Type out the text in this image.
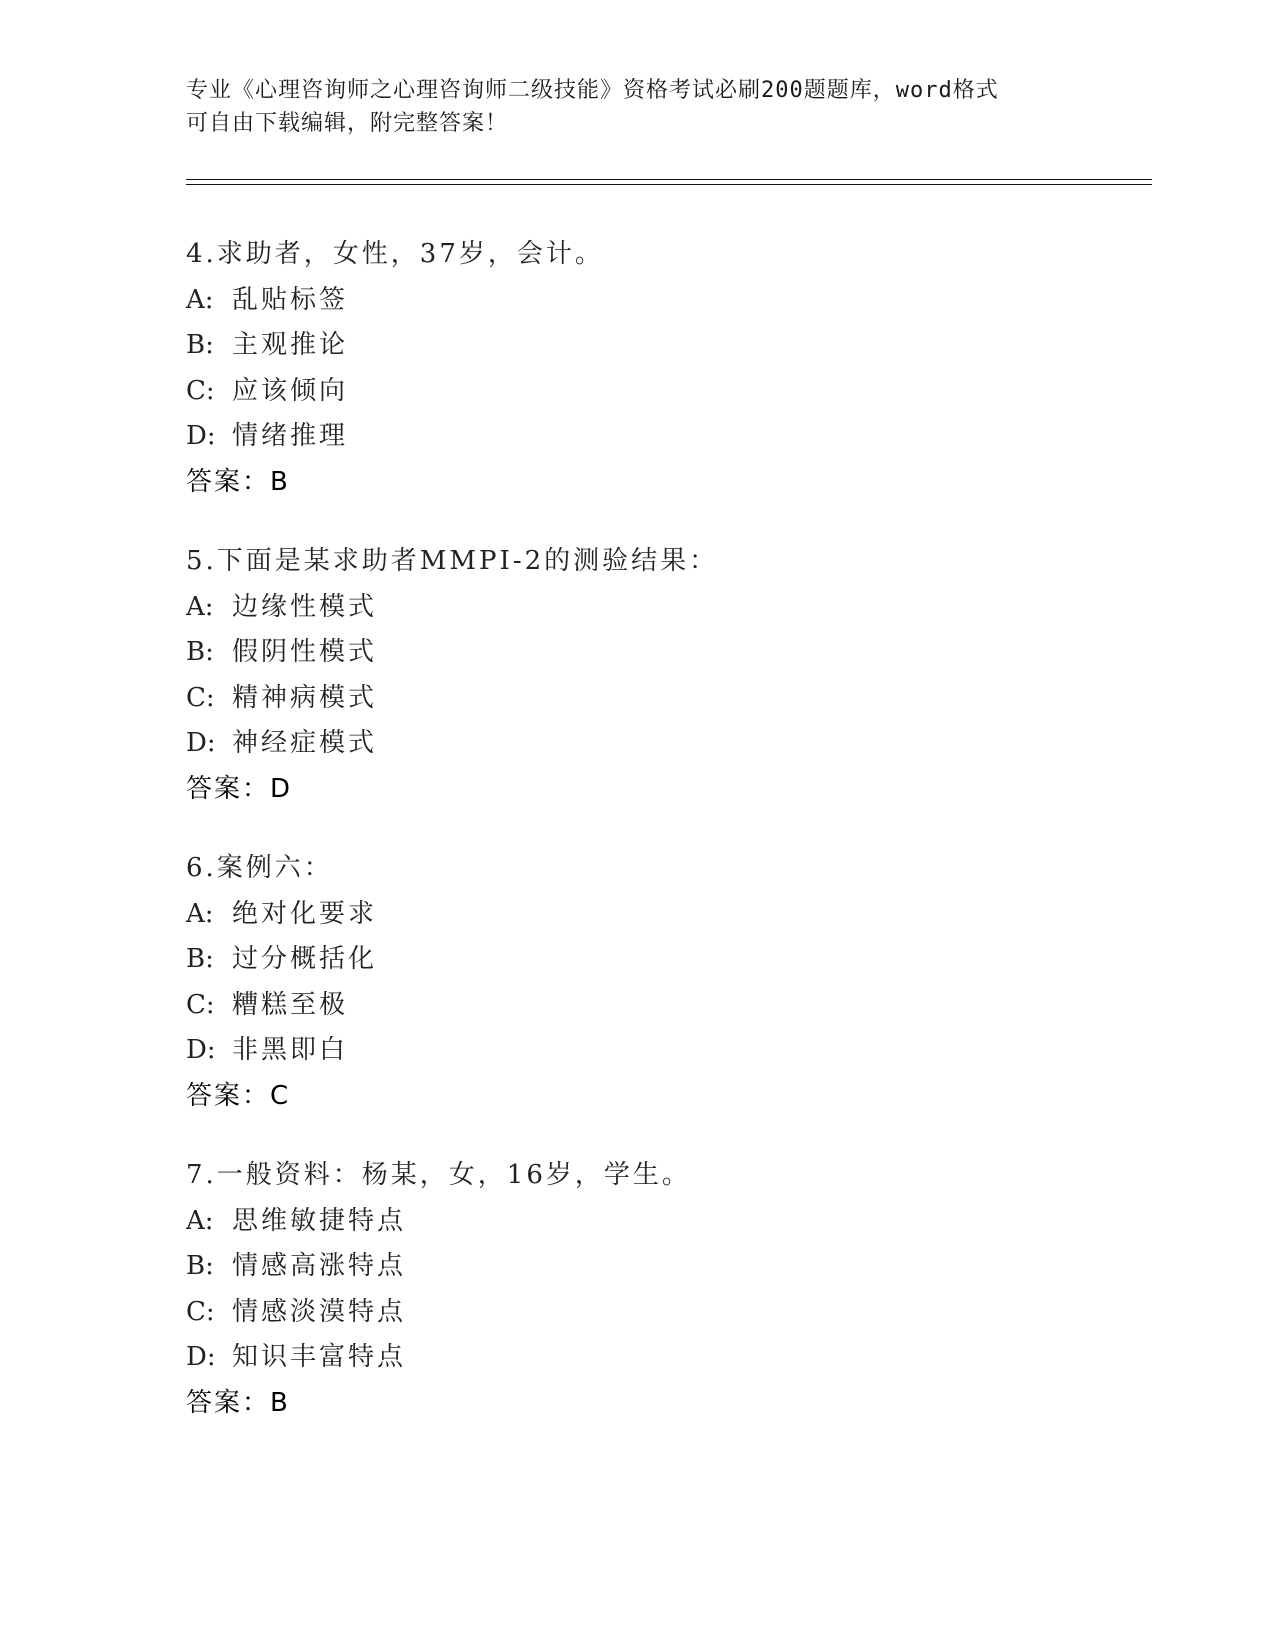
专业《心理咨询师之心理咨询师二级技能》资格考试必刷200题题库，word格式
可自由下载编辑，附完整答案！
4.求助者，女性，37岁，会计。
A: 乱贴标签
B: 主观推论
C: 应该倾向
D: 情绪推理
答案：B
5.下面是某求助者MMPI-2的测验结果：
A: 边缘性模式
B: 假阴性模式
C: 精神病模式
D: 神经症模式
答案：D
6.案例六：
A: 绝对化要求
B: 过分概括化
C: 糟糕至极
D: 非黑即白
答案：C
7.一般资料：杨某，女，16岁，学生。
A: 思维敏捷特点
B: 情感高涨特点
C: 情感淡漠特点
D: 知识丰富特点
答案：B
